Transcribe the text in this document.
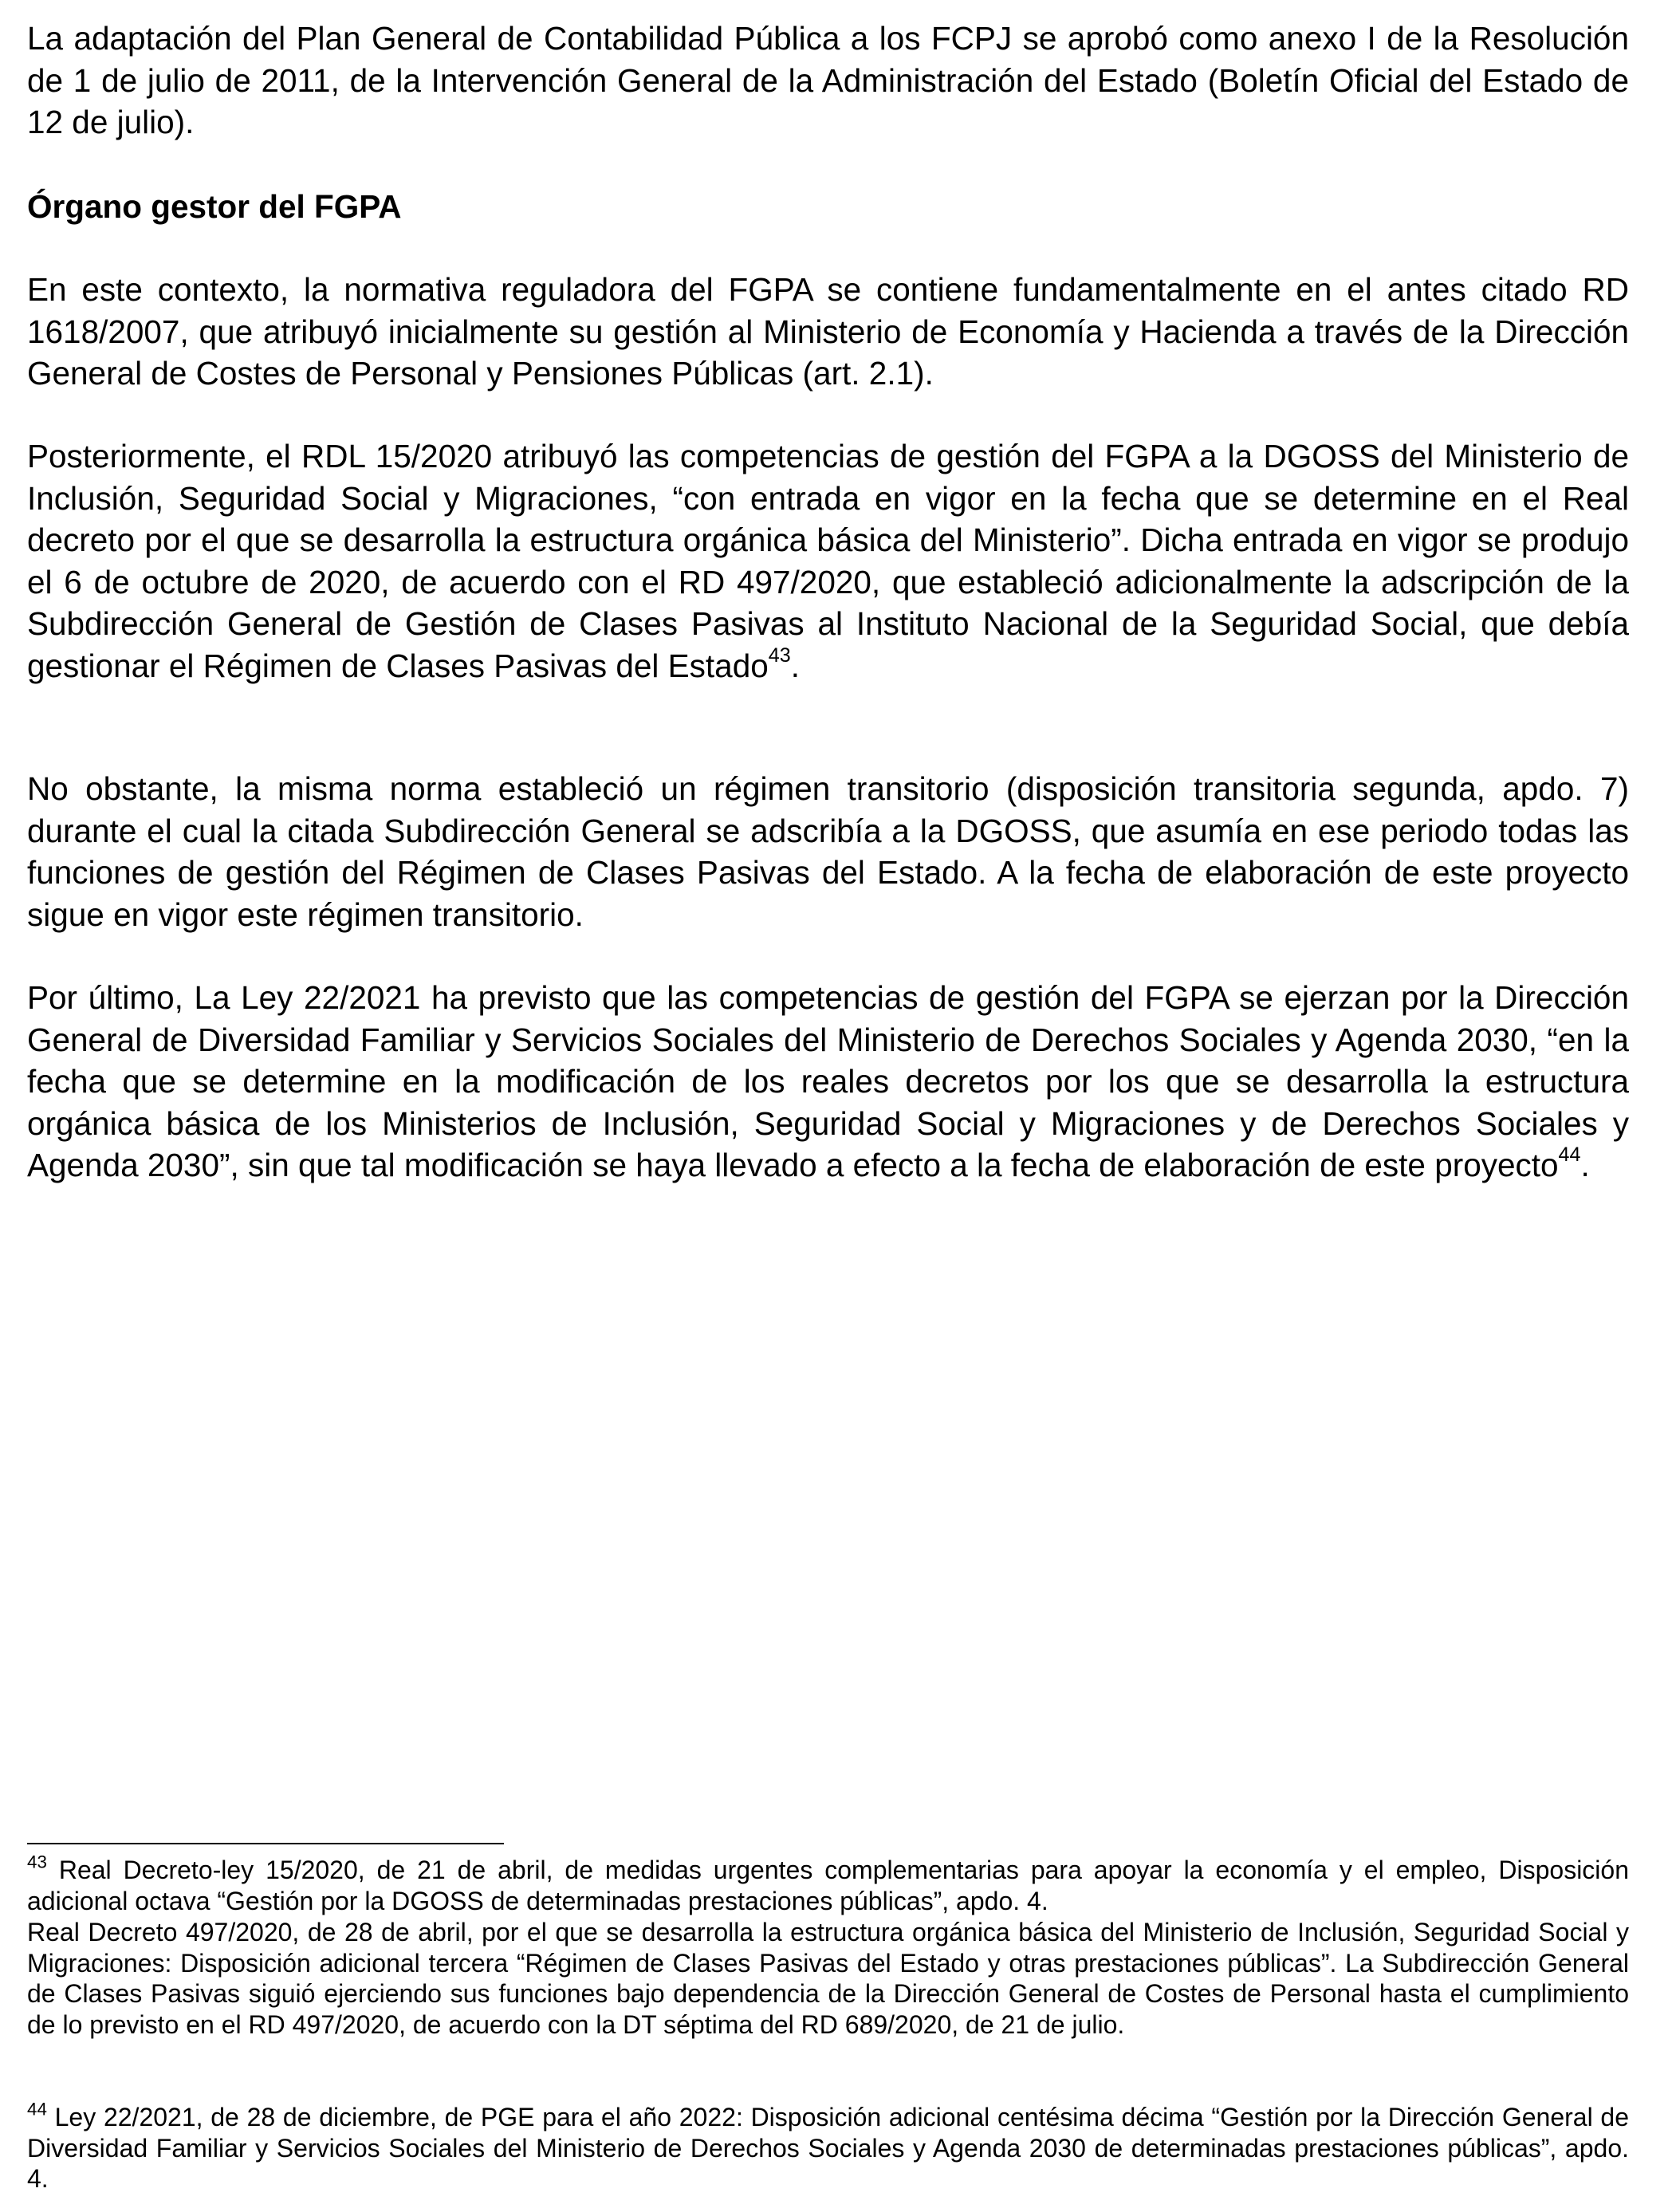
La adaptación del Plan General de Contabilidad Pública a los FCPJ se aprobó como anexo I de la Resolución de 1 de julio de 2011, de la Intervención General de la Administración del Estado (Boletín Oficial del Estado de 12 de julio).

Órgano gestor del FGPA

En este contexto, la normativa reguladora del FGPA se contiene fundamentalmente en el antes citado RD 1618/2007, que atribuyó inicialmente su gestión al Ministerio de Economía y Hacienda a través de la Dirección General de Costes de Personal y Pensiones Públicas (art. 2.1).

Posteriormente, el RDL 15/2020 atribuyó las competencias de gestión del FGPA a la DGOSS del Ministerio de Inclusión, Seguridad Social y Migraciones, “con entrada en vigor en la fecha que se determine en el Real decreto por el que se desarrolla la estructura orgánica básica del Ministerio”. Dicha entrada en vigor se produjo el 6 de octubre de 2020, de acuerdo con el RD 497/2020, que estableció adicionalmente la adscripción de la Subdirección General de Gestión de Clases Pasivas al Instituto Nacional de la Seguridad Social, que debía gestionar el Régimen de Clases Pasivas del Estado$^{43}$.

No obstante, la misma norma estableció un régimen transitorio (disposición transitoria segunda, apdo. 7) durante el cual la citada Subdirección General se adscribía a la DGOSS, que asumía en ese periodo todas las funciones de gestión del Régimen de Clases Pasivas del Estado. A la fecha de elaboración de este proyecto sigue en vigor este régimen transitorio.

Por último, La Ley 22/2021 ha previsto que las competencias de gestión del FGPA se ejerzan por la Dirección General de Diversidad Familiar y Servicios Sociales del Ministerio de Derechos Sociales y Agenda 2030, “en la fecha que se determine en la modificación de los reales decretos por los que se desarrolla la estructura orgánica básica de los Ministerios de Inclusión, Seguridad Social y Migraciones y de Derechos Sociales y Agenda 2030”, sin que tal modificación se haya llevado a efecto a la fecha de elaboración de este proyecto$^{44}$.

$^{43}$ Real Decreto-ley 15/2020, de 21 de abril, de medidas urgentes complementarias para apoyar la economía y el empleo, Disposición adicional octava “Gestión por la DGOSS de determinadas prestaciones públicas”, apdo. 4.

Real Decreto 497/2020, de 28 de abril, por el que se desarrolla la estructura orgánica básica del Ministerio de Inclusión, Seguridad Social y Migraciones: Disposición adicional tercera “Régimen de Clases Pasivas del Estado y otras prestaciones públicas”. La Subdirección General de Clases Pasivas siguió ejerciendo sus funciones bajo dependencia de la Dirección General de Costes de Personal hasta el cumplimiento de lo previsto en el RD 497/2020, de acuerdo con la DT séptima del RD 689/2020, de 21 de julio.

$^{44}$ Ley 22/2021, de 28 de diciembre, de PGE para el año 2022: Disposición adicional centésima décima “Gestión por la Dirección General de Diversidad Familiar y Servicios Sociales del Ministerio de Derechos Sociales y Agenda 2030 de determinadas prestaciones públicas”, apdo. 4.
